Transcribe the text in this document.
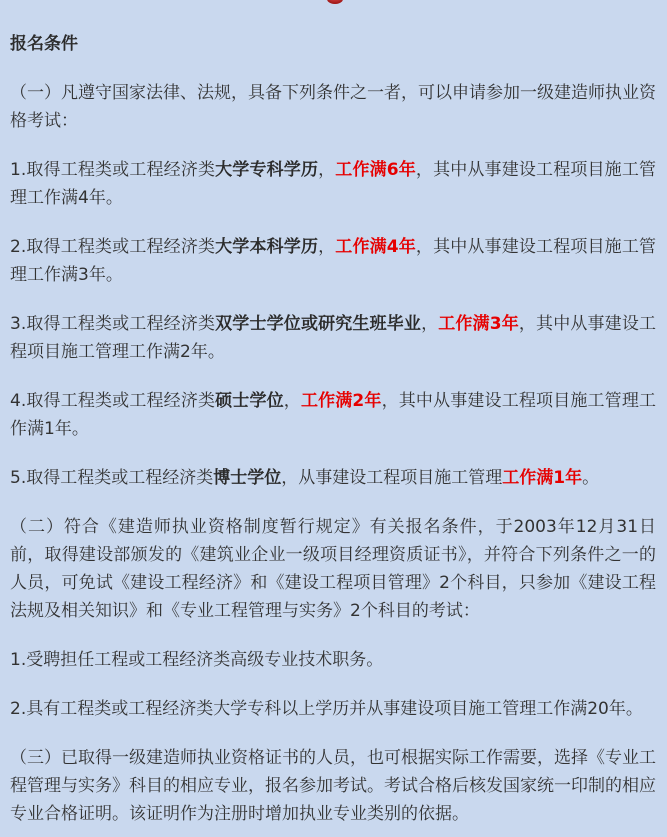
报名条件

（一）凡遵守国家法律、法规，具备下列条件之一者，可以申请参加一级建造师执业资格考试：

1.取得工程类或工程经济类大学专科学历，工作满6年，其中从事建设工程项目施工管理工作满4年。

2.取得工程类或工程经济类大学本科学历，工作满4年，其中从事建设工程项目施工管理工作满3年。

3.取得工程类或工程经济类双学士学位或研究生班毕业，工作满3年，其中从事建设工程项目施工管理工作满2年。

4.取得工程类或工程经济类硕士学位，工作满2年，其中从事建设工程项目施工管理工作满1年。

5.取得工程类或工程经济类博士学位，从事建设工程项目施工管理工作满1年。

（二）符合《建造师执业资格制度暂行规定》有关报名条件，于2003年12月31日前，取得建设部颁发的《建筑业企业一级项目经理资质证书》，并符合下列条件之一的人员，可免试《建设工程经济》和《建设工程项目管理》2个科目，只参加《建设工程法规及相关知识》和《专业工程管理与实务》2个科目的考试：

1.受聘担任工程或工程经济类高级专业技术职务。

2.具有工程类或工程经济类大学专科以上学历并从事建设项目施工管理工作满20年。

（三）已取得一级建造师执业资格证书的人员，也可根据实际工作需要，选择《专业工程管理与实务》科目的相应专业，报名参加考试。考试合格后核发国家统一印制的相应专业合格证明。该证明作为注册时增加执业专业类别的依据。
